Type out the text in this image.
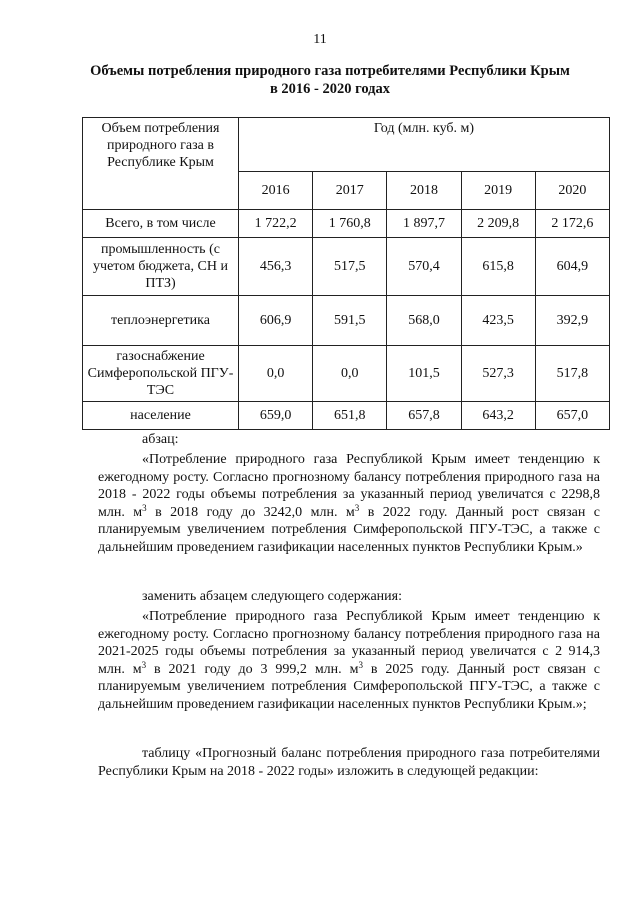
11
Объемы потребления природного газа потребителями Республики Крым
в 2016 - 2020 годах
Объем потребления природного газа в Республике Крым	Год (млн. куб. м)				
	2016	2017	2018	2019	2020
Всего, в том числе	1 722,2	1 760,8	1 897,7	2 209,8	2 172,6
промышленность (с учетом бюджета, СН и ПТЗ)	456,3	517,5	570,4	615,8	604,9
теплоэнергетика	606,9	591,5	568,0	423,5	392,9
газоснабжение Симферопольской ПГУ-ТЭС	0,0	0,0	101,5	527,3	517,8
население	659,0	651,8	657,8	643,2	657,0
абзац:

«Потребление природного газа Республикой Крым имеет тенденцию к ежегодному росту. Согласно прогнозному балансу потребления природного газа на 2018 - 2022 годы объемы потребления за указанный период увеличатся с 2298,8 млн. $м^3$ в 2018 году до 3242,0 млн. $м^3$ в 2022 году. Данный рост связан с планируемым увеличением потребления Симферопольской ПГУ-ТЭС, а также с дальнейшим проведением газификации населенных пунктов Республики Крым.»

заменить абзацем следующего содержания:

«Потребление природного газа Республикой Крым имеет тенденцию к ежегодному росту. Согласно прогнозному балансу потребления природного газа на 2021-2025 годы объемы потребления за указанный период увеличатся с 2 914,3 млн. $м^3$ в 2021 году до 3 999,2 млн. $м^3$ в 2025 году. Данный рост связан с планируемым увеличением потребления Симферопольской ПГУ-ТЭС, а также с дальнейшим проведением газификации населенных пунктов Республики Крым.»;

таблицу «Прогнозный баланс потребления природного газа потребителями Республики Крым на 2018 - 2022 годы» изложить в следующей редакции:
